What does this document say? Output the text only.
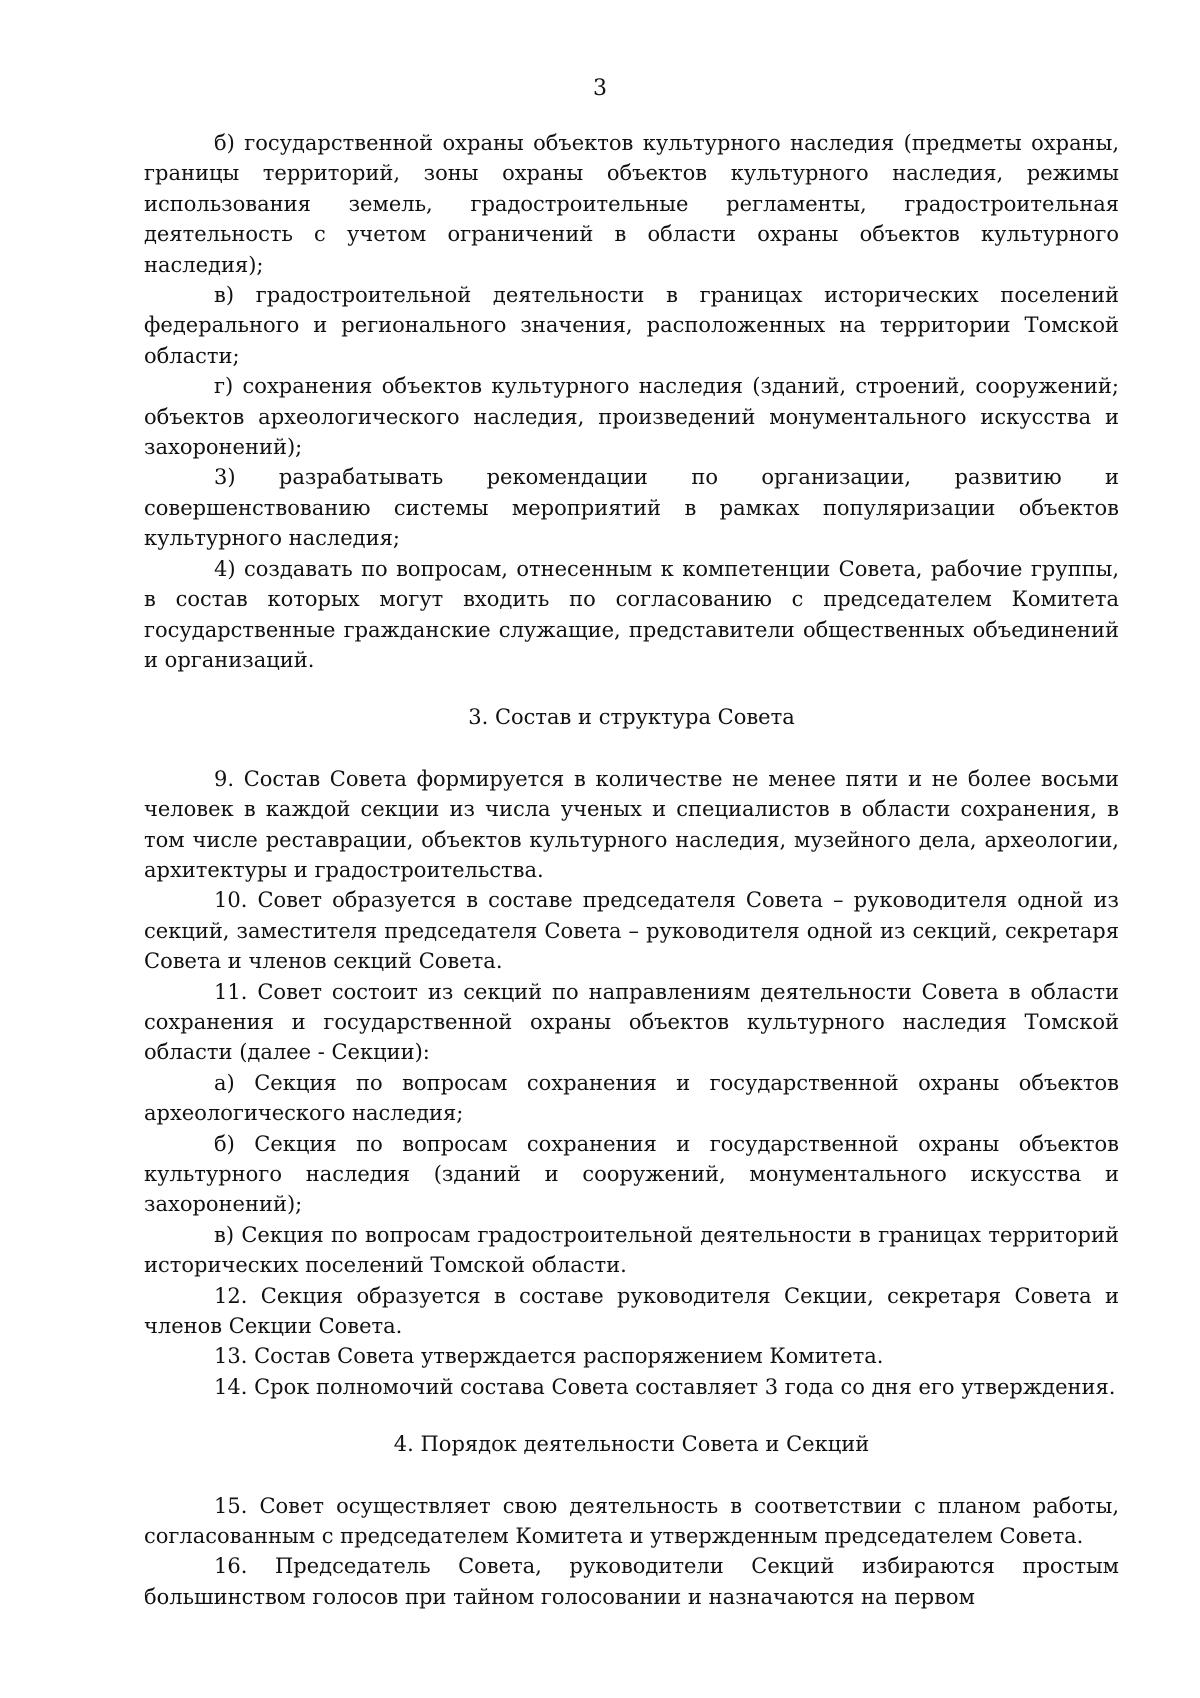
3

б) государственной охраны объектов культурного наследия (предметы охраны, границы территорий, зоны охраны объектов культурного наследия, режимы использования земель, градостроительные регламенты, градостроительная деятельность с учетом ограничений в области охраны объектов культурного наследия);

в) градостроительной деятельности в границах исторических поселений федерального и регионального значения, расположенных на территории Томской области;

г) сохранения объектов культурного наследия (зданий, строений, сооружений; объектов археологического наследия, произведений монументального искусства и захоронений);

3) разрабатывать рекомендации по организации, развитию и совершенствованию системы мероприятий в рамках популяризации объектов культурного наследия;

4) создавать по вопросам, отнесенным к компетенции Совета, рабочие группы, в состав которых могут входить по согласованию с председателем Комитета государственные гражданские служащие, представители общественных объединений и организаций.

3. Состав и структура Совета

9. Состав Совета формируется в количестве не менее пяти и не более восьми человек в каждой секции из числа ученых и специалистов в области сохранения, в том числе реставрации, объектов культурного наследия, музейного дела, археологии, архитектуры и градостроительства.

10. Совет образуется в составе председателя Совета – руководителя одной из секций, заместителя председателя Совета – руководителя одной из секций, секретаря Совета и членов секций Совета.

11. Совет состоит из секций по направлениям деятельности Совета в области сохранения и государственной охраны объектов культурного наследия Томской области (далее - Секции):

а) Секция по вопросам сохранения и государственной охраны объектов археологического наследия;

б) Секция по вопросам сохранения и государственной охраны объектов культурного наследия (зданий и сооружений, монументального искусства и захоронений);

в) Секция по вопросам градостроительной деятельности в границах территорий исторических поселений Томской области.

12. Секция образуется в составе руководителя Секции, секретаря Совета и членов Секции Совета.

13. Состав Совета утверждается распоряжением Комитета.

14. Срок полномочий состава Совета составляет 3 года со дня его утверждения.

4. Порядок деятельности Совета и Секций

15. Совет осуществляет свою деятельность в соответствии с планом работы, согласованным с председателем Комитета и утвержденным председателем Совета.

16. Председатель Совета, руководители Секций избираются простым большинством голосов при тайном голосовании и назначаются на первом
